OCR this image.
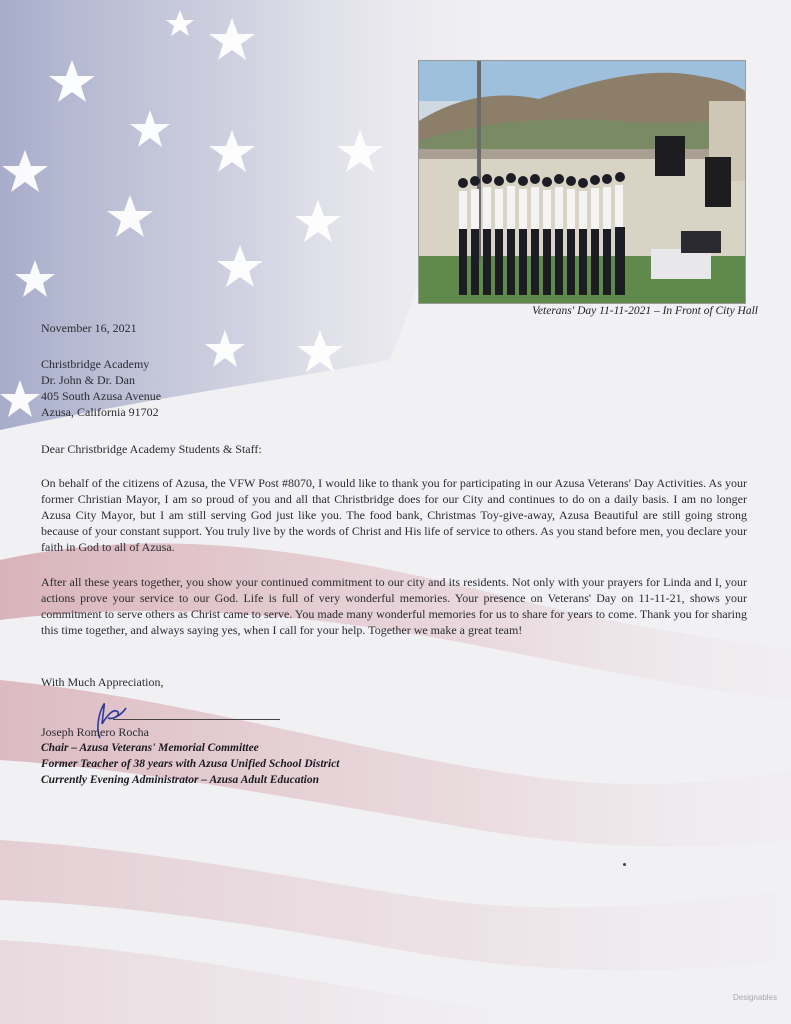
Veterans' Day 11-11-2021 – In Front of City Hall
November 16, 2021
Christbridge Academy
Dr. John & Dr. Dan
405 South Azusa Avenue
Azusa, California 91702
Dear Christbridge Academy Students & Staff:
On behalf of the citizens of Azusa, the VFW Post #8070, I would like to thank you for participating in our Azusa Veterans' Day Activities. As your former Christian Mayor, I am so proud of you and all that Christbridge does for our City and continues to do on a daily basis. I am no longer Azusa City Mayor, but I am still serving God just like you. The food bank, Christmas Toy-give-away, Azusa Beautiful are still going strong because of your constant support. You truly live by the words of Christ and His life of service to others. As you stand before men, you declare your faith in God to all of Azusa.
After all these years together, you show your continued commitment to our city and its residents. Not only with your prayers for Linda and I, your actions prove your service to our God. Life is full of very wonderful memories. Your presence on Veterans' Day on 11-11-21, shows your commitment to serve others as Christ came to serve. You made many wonderful memories for us to share for years to come. Thank you for sharing this time together, and always saying yes, when I call for your help. Together we make a great team!
With Much Appreciation,
Joseph Romero Rocha
Chair – Azusa Veterans' Memorial Committee
Former Teacher of 38 years with Azusa Unified School District
Currently Evening Administrator – Azusa Adult Education
Designables
